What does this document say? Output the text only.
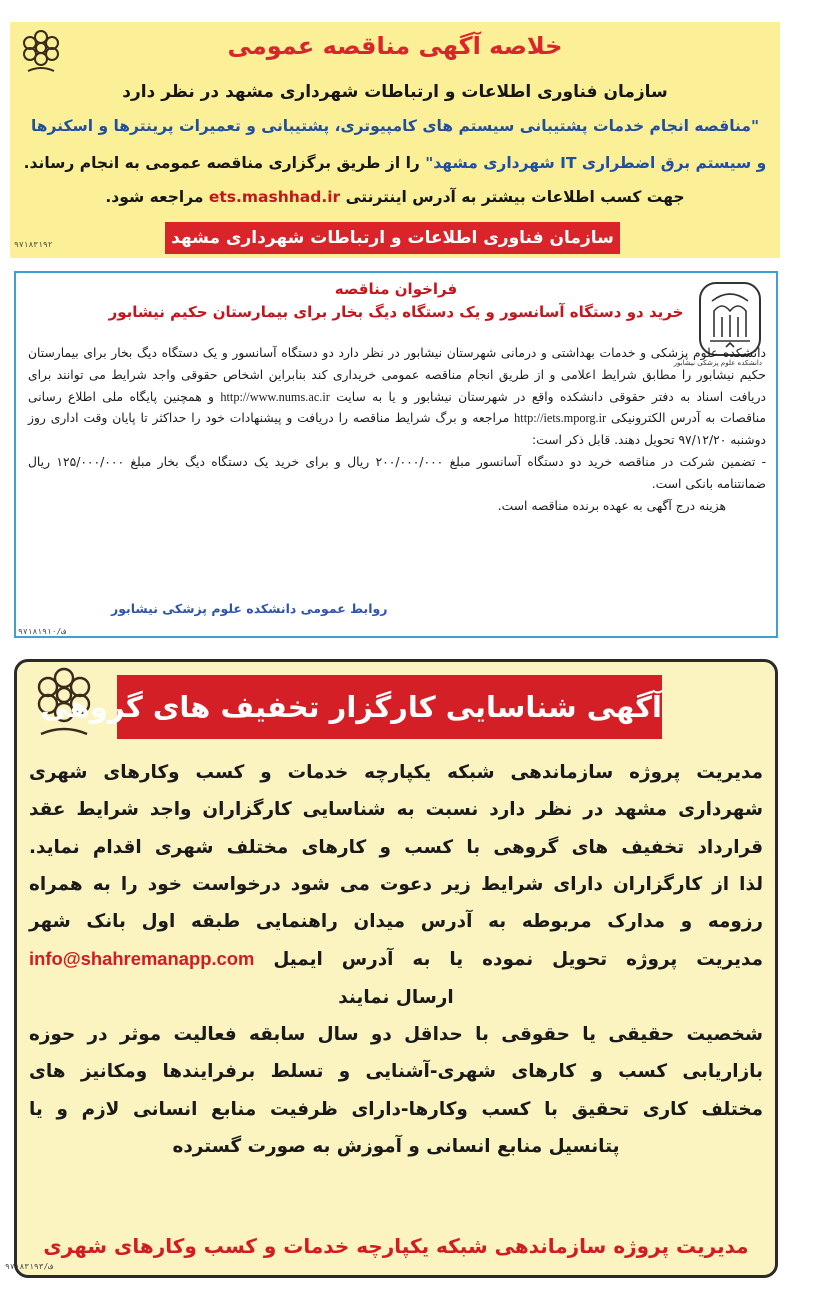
خلاصه آگهی مناقصه عمومی
سازمان فناوری اطلاعات و ارتباطات شهرداری مشهد در نظر دارد
"مناقصه انجام خدمات پشتیبانی سیستم های کامپیوتری، پشتیبانی و تعمیرات پرینترها و اسکنرها
و سیستم برق اضطراری IT شهرداری مشهد" را از طریق برگزاری مناقصه عمومی به انجام رساند.
جهت کسب اطلاعات بیشتر به آدرس اینترنتی ets.mashhad.ir مراجعه شود.
سازمان فناوری اطلاعات و ارتباطات شهرداری مشهد
۹۷۱۸۳۱۹۲
دانشکده علوم پزشکی نیشابور
فراخوان مناقصه
خرید دو دستگاه آسانسور و یک دستگاه دیگ بخار برای بیمارستان حکیم نیشابور

دانشکده علوم پزشکی و خدمات بهداشتی و درمانی شهرستان نیشابور در نظر دارد دو دستگاه آسانسور و یک دستگاه دیگ بخار برای بیمارستان حکیم نیشابور را مطابق شرایط اعلامی و از طریق انجام مناقصه عمومی خریداری کند بنابراین اشخاص حقوقی واجد شرایط می توانند برای دریافت اسناد به دفتر حقوقی دانشکده واقع در شهرستان نیشابور و یا به سایت http://www.nums.ac.ir و همچنین پایگاه ملی اطلاع رسانی مناقصات به آدرس الکترونیکی http://iets.mporg.ir مراجعه و برگ شرایط مناقصه را دریافت و پیشنهادات خود را حداکثر تا پایان وقت اداری روز دوشنبه ۹۷/۱۲/۲۰ تحویل دهند. قابل ذکر است:

- تضمین شرکت در مناقصه خرید دو دستگاه آسانسور مبلغ ۲۰۰/۰۰۰/۰۰۰ ریال و برای خرید یک دستگاه دیگ بخار مبلغ ۱۲۵/۰۰۰/۰۰۰ ریال ضمانتنامه بانکی است.

هزینه درج آگهی به عهده برنده مناقصه است.

روابط عمومی دانشکده علوم پزشکی نیشابور
۹۷۱۸۱۹۱۰/ف
آگهی شناسایی کارگزار تخفیف های گروهی

مدیریت پروژه سازماندهی شبکه یکپارچه خدمات و کسب وکارهای شهری

شهرداری مشهد در نظر دارد نسبت به شناسایی کارگزاران واجد شرایط عقد

قرارداد تخفیف های گروهی با کسب و کارهای مختلف شهری اقدام نماید.

لذا از کارگزاران دارای شرایط زیر دعوت می شود درخواست خود را به همراه

رزومه و مدارک مربوطه به آدرس میدان راهنمایی طبقه اول بانک شهر

مدیریت پروژه تحویل نموده یا به آدرس ایمیل info@shahremanapp.com

ارسال نمایند

شخصیت حقیقی یا حقوقی با حداقل دو سال سابقه فعالیت موثر در حوزه

بازاریابی کسب و کارهای شهری-آشنایی و تسلط برفرایندها ومکانیز های

مختلف کاری تحقیق با کسب وکارها-دارای ظرفیت منابع انسانی لازم و یا

پتانسیل منابع انسانی و آموزش به صورت گسترده

مدیریت پروژه سازماندهی شبکه یکپارچه خدمات و کسب وکارهای شهری
۹۷۱۸۳۱۹۳/ف
